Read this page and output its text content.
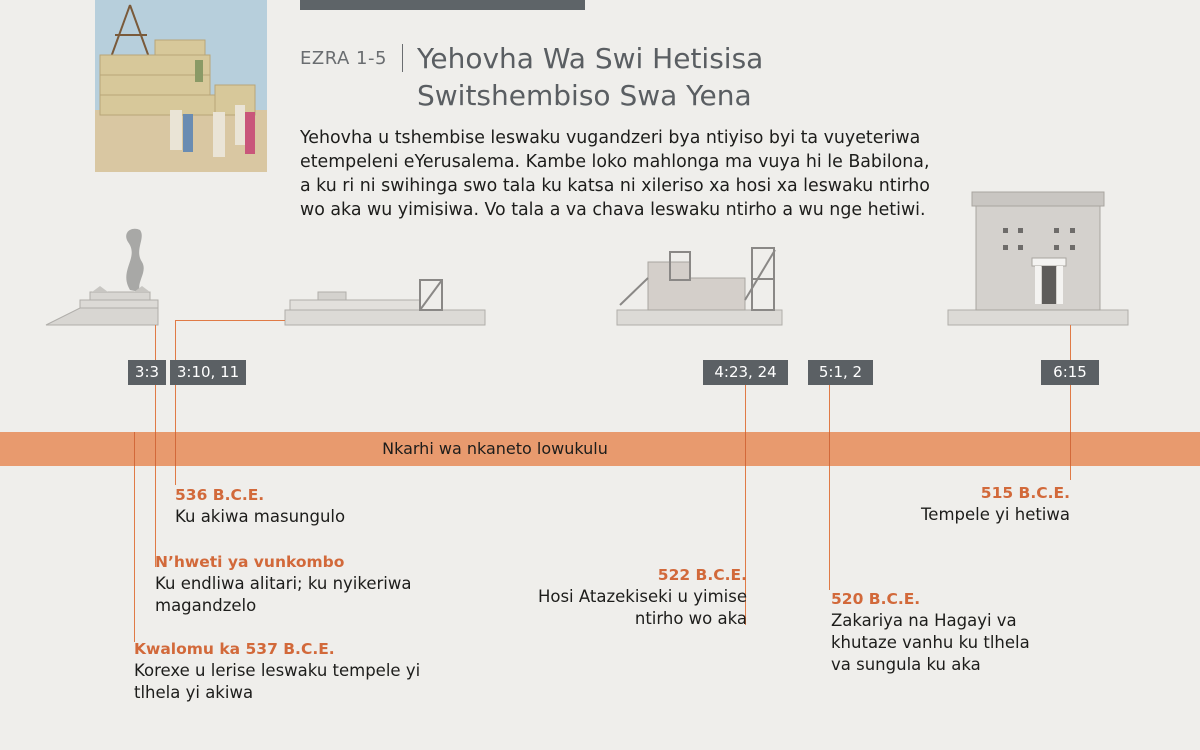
EZRA 1-5 Yehovha Wa Swi Hetisisa
Switshembiso Swa Yena
Yehovha u tshembise leswaku vugandzeri bya ntiyiso byi ta vuyeteriwa
etempeleni eYerusalema. Kambe loko mahlonga ma vuya hi le Babilona,
a ku ri ni swihinga swo tala ku katsa ni xileriso xa hosi xa leswaku ntirho
wo aka wu yimisiwa. Vo tala a va chava leswaku ntirho a wu nge hetiwi.
3:3	3:10, 11	4:23, 24	5:1, 2	6:15
Nkarhi wa nkaneto lowukulu
536 B.C.E.
Ku akiwa masungulo
N’hweti ya vunkombo
Ku endliwa alitari; ku nyikeriwa
magandzelo
Kwalomu ka 537 B.C.E.
Korexe u lerise leswaku tempele yi
tlhela yi akiwa
522 B.C.E.
Hosi Atazekiseki u yimise
ntirho wo aka
520 B.C.E.
Zakariya na Hagayi va
khutaze vanhu ku tlhela
va sungula ku aka
515 B.C.E.
Tempele yi hetiwa
